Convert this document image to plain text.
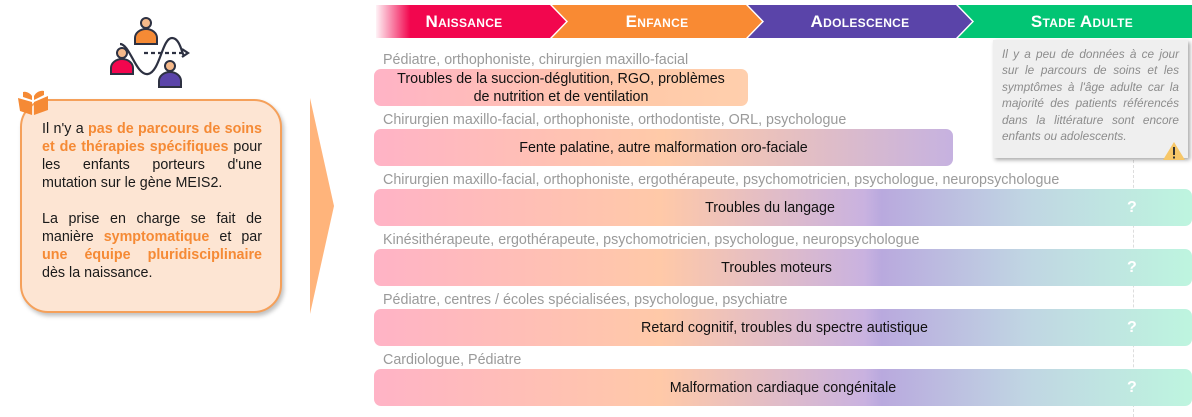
Il n'y a pas de parcours de soins et de thérapies spécifiques pour les enfants porteurs d'une mutation sur le gène MEIS2.

La prise en charge se fait de manière symptomatique et par une équipe pluridisciplinaire dès la naissance.

Naissance	Enfance	Adolescence	Stade Adulte
Pédiatre, orthophoniste, chirurgien maxillo-facial
Troubles de la succion-déglutition, RGO, problèmes de nutrition et de ventilation
Chirurgien maxillo-facial, orthophoniste, orthodontiste, ORL, psychologue
Fente palatine, autre malformation oro-faciale
Chirurgien maxillo-facial, orthophoniste, ergothérapeute, psychomotricien, psychologue, neuropsychologue
Troubles du langage	?
Kinésithérapeute, ergothérapeute, psychomotricien, psychologue, neuropsychologue
Troubles moteurs	?
Pédiatre, centres / écoles spécialisées, psychologue, psychiatre
Retard cognitif, troubles du spectre autistique	?
Cardiologue, Pédiatre
Malformation cardiaque congénitale	?
Il y a peu de données à ce jour sur le parcours de soins et les symptômes à l'âge adulte car la majorité des patients référencés dans la littérature sont encore enfants ou adolescents.
